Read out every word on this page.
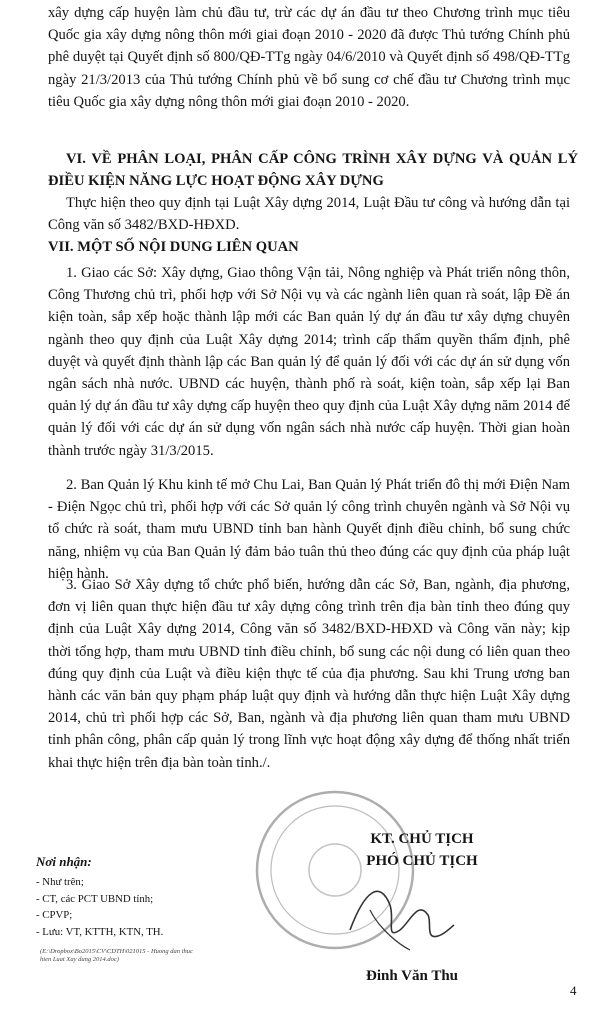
xây dựng cấp huyện làm chủ đầu tư, trừ các dự án đầu tư theo Chương trình mục tiêu Quốc gia xây dựng nông thôn mới giai đoạn 2010 - 2020 đã được Thủ tướng Chính phủ phê duyệt tại Quyết định số 800/QĐ-TTg ngày 04/6/2010 và Quyết định số 498/QĐ-TTg ngày 21/3/2013 của Thủ tướng Chính phủ về bổ sung cơ chế đầu tư Chương trình mục tiêu Quốc gia xây dựng nông thôn mới giai đoạn 2010 - 2020.

VI. VỀ PHÂN LOẠI, PHÂN CẤP CÔNG TRÌNH XÂY DỰNG VÀ QUẢN LÝ ĐIỀU KIỆN NĂNG LỰC HOẠT ĐỘNG XÂY DỰNG

Thực hiện theo quy định tại Luật Xây dựng 2014, Luật Đầu tư công và hướng dẫn tại Công văn số 3482/BXD-HĐXD.

VII. MỘT SỐ NỘI DUNG LIÊN QUAN

1. Giao các Sở: Xây dựng, Giao thông Vận tải, Nông nghiệp và Phát triển nông thôn, Công Thương chủ trì, phối hợp với Sở Nội vụ và các ngành liên quan rà soát, lập Đề án kiện toàn, sắp xếp hoặc thành lập mới các Ban quản lý dự án đầu tư xây dựng chuyên ngành theo quy định của Luật Xây dựng 2014; trình cấp thẩm quyền thẩm định, phê duyệt và quyết định thành lập các Ban quản lý để quản lý đối với các dự án sử dụng vốn ngân sách nhà nước. UBND các huyện, thành phố rà soát, kiện toàn, sắp xếp lại Ban quản lý dự án đầu tư xây dựng cấp huyện theo quy định của Luật Xây dựng năm 2014 để quản lý đối với các dự án sử dụng vốn ngân sách nhà nước cấp huyện. Thời gian hoàn thành trước ngày 31/3/2015.

2. Ban Quản lý Khu kinh tế mở Chu Lai, Ban Quản lý Phát triển đô thị mới Điện Nam - Điện Ngọc chủ trì, phối hợp với các Sở quản lý công trình chuyên ngành và Sở Nội vụ tổ chức rà soát, tham mưu UBND tỉnh ban hành Quyết định điều chỉnh, bổ sung chức năng, nhiệm vụ của Ban Quản lý đảm bảo tuân thủ theo đúng các quy định của pháp luật hiện hành.

3. Giao Sở Xây dựng tổ chức phổ biến, hướng dẫn các Sở, Ban, ngành, địa phương, đơn vị liên quan thực hiện đầu tư xây dựng công trình trên địa bàn tỉnh theo đúng quy định của Luật Xây dựng 2014, Công văn số 3482/BXD-HĐXD và Công văn này; kịp thời tổng hợp, tham mưu UBND tỉnh điều chỉnh, bổ sung các nội dung có liên quan theo đúng quy định của Luật và điều kiện thực tế của địa phương. Sau khi Trung ương ban hành các văn bản quy phạm pháp luật quy định và hướng dẫn thực hiện Luật Xây dựng 2014, chủ trì phối hợp các Sở, Ban, ngành và địa phương liên quan tham mưu UBND tỉnh phân công, phân cấp quản lý trong lĩnh vực hoạt động xây dựng để thống nhất triển khai thực hiện trên địa bàn toàn tỉnh./.

Nơi nhận:

- Như trên;
- CT, các PCT UBND tỉnh;
- CPVP;
- Lưu: VT, KTTH, KTN, TH.

(E:\Dropbox\Bo2015\CV\CDTH\021015 - Huong dan thuc hien Luat Xay dung 2014.doc)

KT. CHỦ TỊCH

PHÓ CHỦ TỊCH

Đinh Văn Thu

4
